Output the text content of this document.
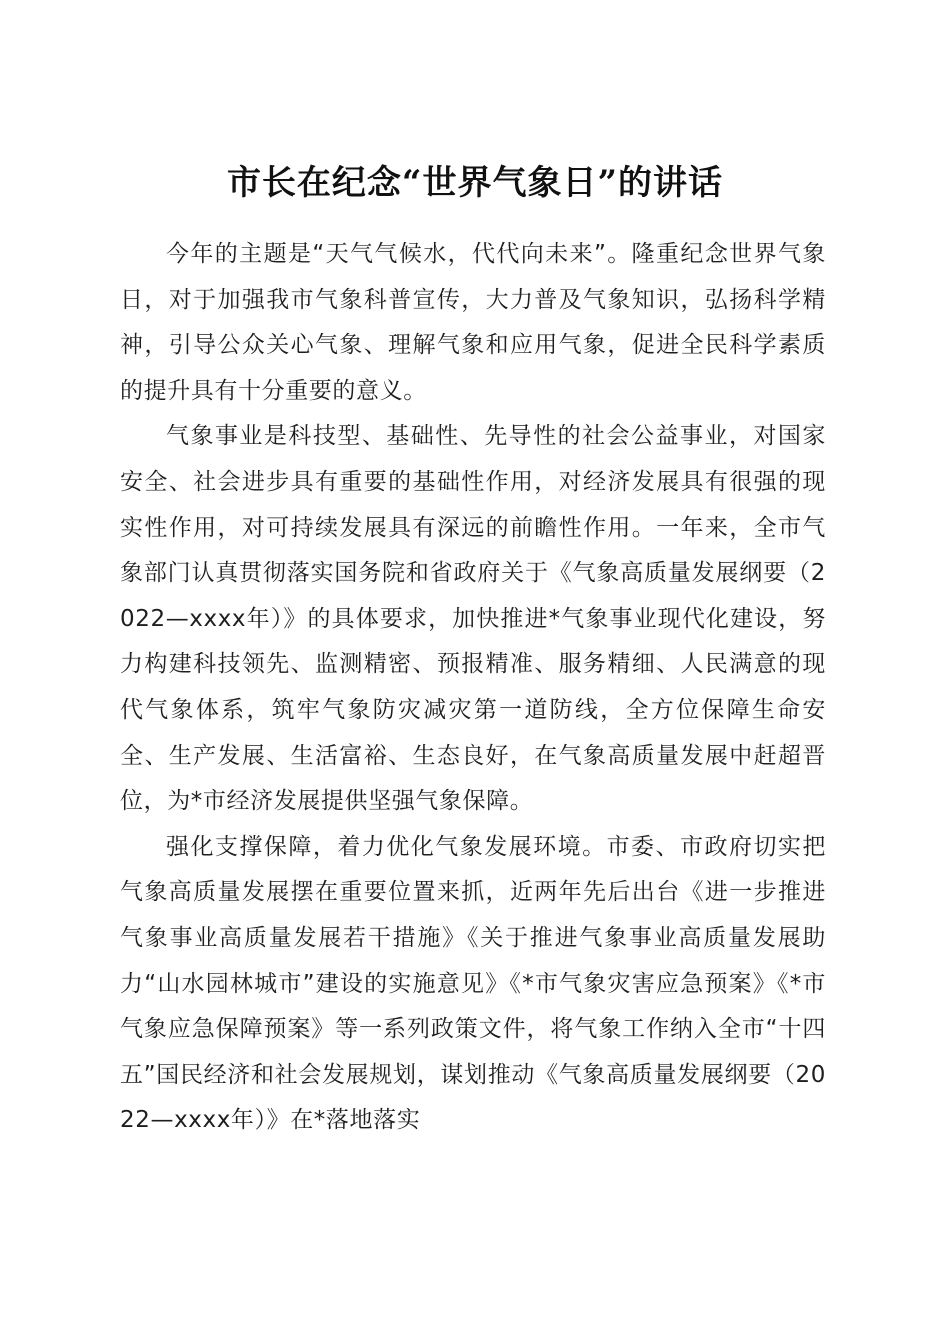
市长在纪念“世界气象日”的讲话

今年的主题是“天气气候水，代代向未来”。隆重纪念世界气象日，对于加强我市气象科普宣传，大力普及气象知识，弘扬科学精神，引导公众关心气象、理解气象和应用气象，促进全民科学素质的提升具有十分重要的意义。

气象事业是科技型、基础性、先导性的社会公益事业，对国家安全、社会进步具有重要的基础性作用，对经济发展具有很强的现实性作用，对可持续发展具有深远的前瞻性作用。一年来，全市气象部门认真贯彻落实国务院和省政府关于《气象高质量发展纲要（2022—xxxx年）》的具体要求，加快推进*气象事业现代化建设，努力构建科技领先、监测精密、预报精准、服务精细、人民满意的现代气象体系，筑牢气象防灾减灾第一道防线，全方位保障生命安全、生产发展、生活富裕、生态良好，在气象高质量发展中赶超晋位，为*市经济发展提供坚强气象保障。

强化支撑保障，着力优化气象发展环境。市委、市政府切实把气象高质量发展摆在重要位置来抓，近两年先后出台《进一步推进气象事业高质量发展若干措施》《关于推进气象事业高质量发展助力“山水园林城市”建设的实施意见》《*市气象灾害应急预案》《*市气象应急保障预案》等一系列政策文件，将气象工作纳入全市“十四五”国民经济和社会发展规划，谋划推动《气象高质量发展纲要（2022—xxxx年）》在*落地落实
